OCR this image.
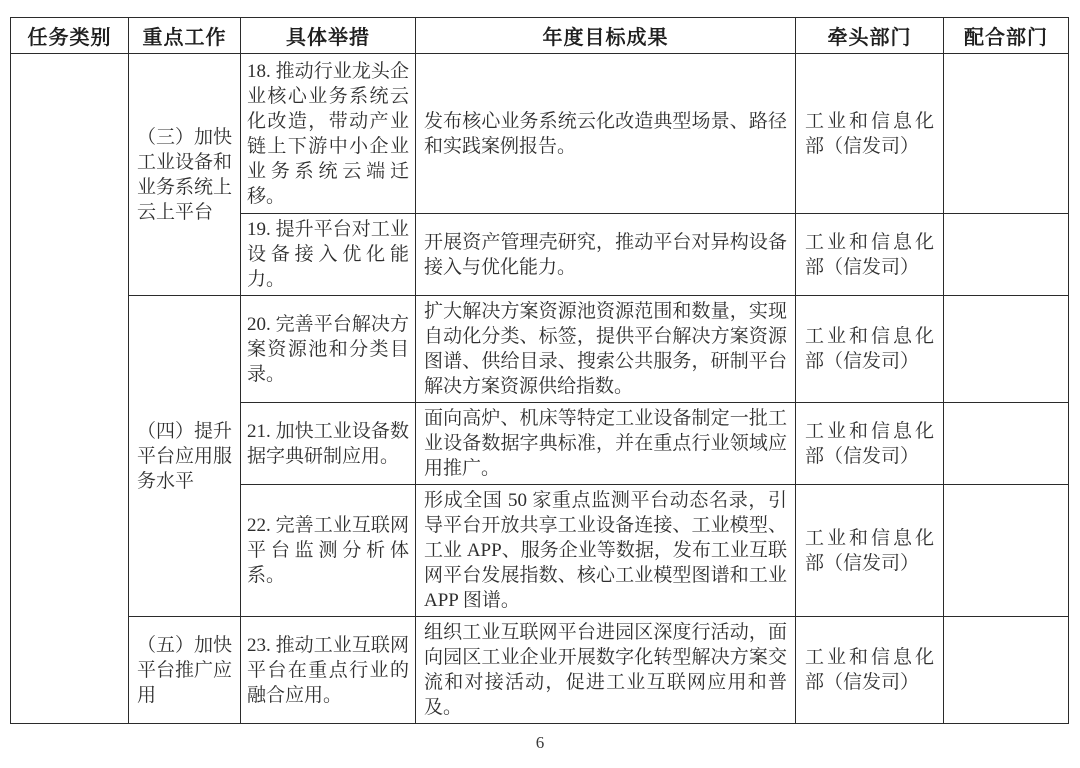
任务类别	重点工作	具体举措	年度目标成果	牵头部门	配合部门
	（三）加快工业设备和业务系统上云上平台	18. 推动行业龙头企业核心业务系统云化改造，带动产业链上下游中小企业业务系统云端迁移。	发布核心业务系统云化改造典型场景、路径和实践案例报告。	工业和信息化部（信发司）	
		19. 提升平台对工业设备接入优化能力。	开展资产管理壳研究，推动平台对异构设备接入与优化能力。	工业和信息化部（信发司）	
	（四）提升平台应用服务水平	20. 完善平台解决方案资源池和分类目录。	扩大解决方案资源池资源范围和数量，实现自动化分类、标签，提供平台解决方案资源图谱、供给目录、搜索公共服务，研制平台解决方案资源供给指数。	工业和信息化部（信发司）	
		21. 加快工业设备数据字典研制应用。	面向高炉、机床等特定工业设备制定一批工业设备数据字典标准，并在重点行业领域应用推广。	工业和信息化部（信发司）	
		22. 完善工业互联网平台监测分析体系。	形成全国 50 家重点监测平台动态名录，引导平台开放共享工业设备连接、工业模型、工业 APP、服务企业等数据，发布工业互联网平台发展指数、核心工业模型图谱和工业 APP 图谱。	工业和信息化部（信发司）	
	（五）加快平台推广应用	23. 推动工业互联网平台在重点行业的融合应用。	组织工业互联网平台进园区深度行活动，面向园区工业企业开展数字化转型解决方案交流和对接活动，促进工业互联网应用和普及。	工业和信息化部（信发司）	
6
